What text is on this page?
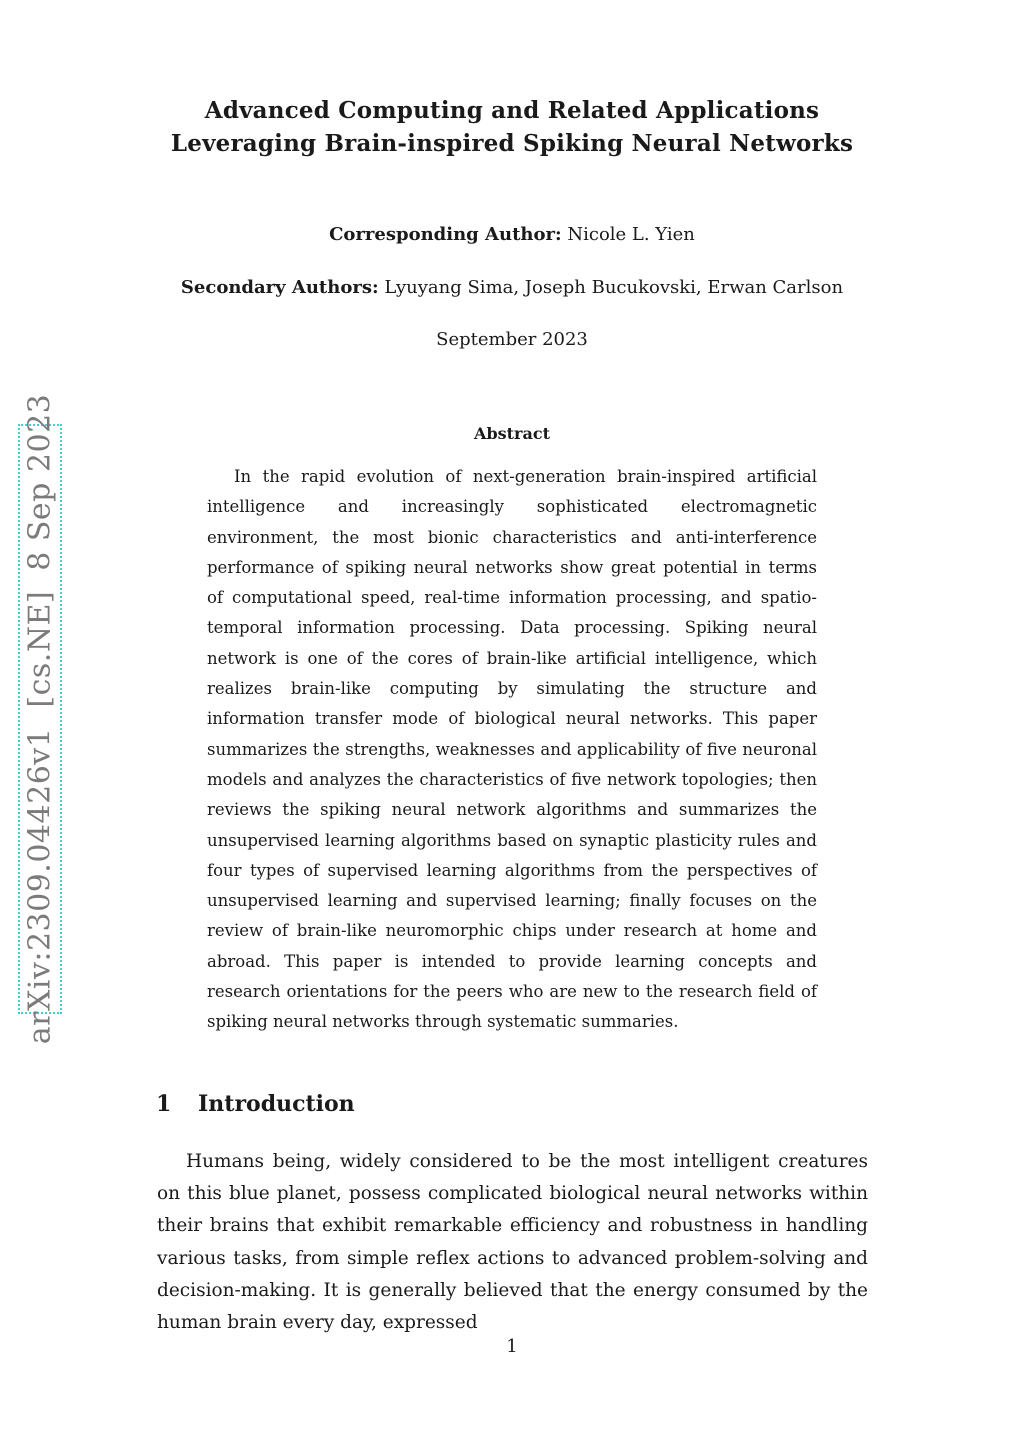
Advanced Computing and Related Applications
Leveraging Brain-inspired Spiking Neural Networks
Corresponding Author: Nicole L. Yien
Secondary Authors: Lyuyang Sima, Joseph Bucukovski, Erwan Carlson
September 2023
arXiv:2309.04426v1  [cs.NE]  8 Sep 2023	Abstract
In the rapid evolution of next-generation brain-inspired artificial intelligence and increasingly sophisticated electromagnetic environment, the most bionic characteristics and anti-interference performance of spiking neural networks show great potential in terms of computational speed, real-time information processing, and spatio-temporal information processing. Data processing. Spiking neural network is one of the cores of brain-like artificial intelligence, which realizes brain-like computing by simulating the structure and information transfer mode of biological neural networks. This paper summarizes the strengths, weaknesses and applicability of five neuronal models and analyzes the characteristics of five network topologies; then reviews the spiking neural network algorithms and summarizes the unsupervised learning algorithms based on synaptic plasticity rules and four types of supervised learning algorithms from the perspectives of unsupervised learning and supervised learning; finally focuses on the review of brain-like neuromorphic chips under research at home and abroad. This paper is intended to provide learning concepts and research orientations for the peers who are new to the research field of spiking neural networks through systematic summaries.
1 Introduction
Humans being, widely considered to be the most intelligent creatures on this blue planet, possess complicated biological neural networks within their brains that exhibit remarkable efficiency and robustness in handling various tasks, from simple reflex actions to advanced problem-solving and decision-making. It is generally believed that the energy consumed by the human brain every day, expressed
1
